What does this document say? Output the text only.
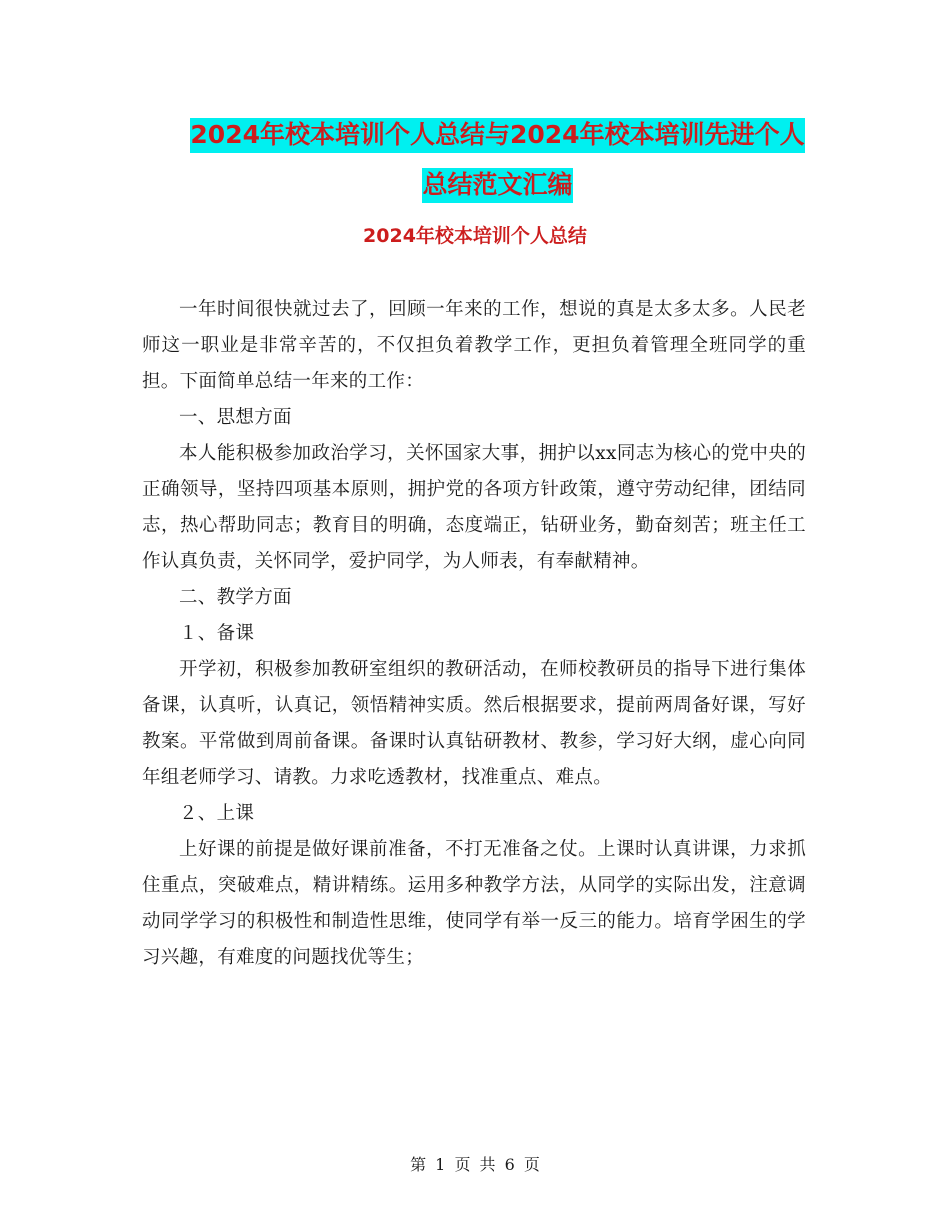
2024年校本培训个人总结与2024年校本培训先进个人总结范文汇编
2024年校本培训个人总结

一年时间很快就过去了，回顾一年来的工作，想说的真是太多太多。人民老师这一职业是非常辛苦的，不仅担负着教学工作，更担负着管理全班同学的重担。下面简单总结一年来的工作：

一、思想方面

本人能积极参加政治学习，关怀国家大事，拥护以xx同志为核心的党中央的正确领导，坚持四项基本原则，拥护党的各项方针政策，遵守劳动纪律，团结同志，热心帮助同志；教育目的明确，态度端正，钻研业务，勤奋刻苦；班主任工作认真负责，关怀同学，爱护同学，为人师表，有奉献精神。

二、教学方面

１、备课

开学初，积极参加教研室组织的教研活动，在师校教研员的指导下进行集体备课，认真听，认真记，领悟精神实质。然后根据要求，提前两周备好课，写好教案。平常做到周前备课。备课时认真钻研教材、教参，学习好大纲，虚心向同年组老师学习、请教。力求吃透教材，找准重点、难点。

２、上课

上好课的前提是做好课前准备，不打无准备之仗。上课时认真讲课，力求抓住重点，突破难点，精讲精练。运用多种教学方法，从同学的实际出发，注意调动同学学习的积极性和制造性思维，使同学有举一反三的能力。培育学困生的学习兴趣，有难度的问题找优等生；

第 1 页 共 6 页
